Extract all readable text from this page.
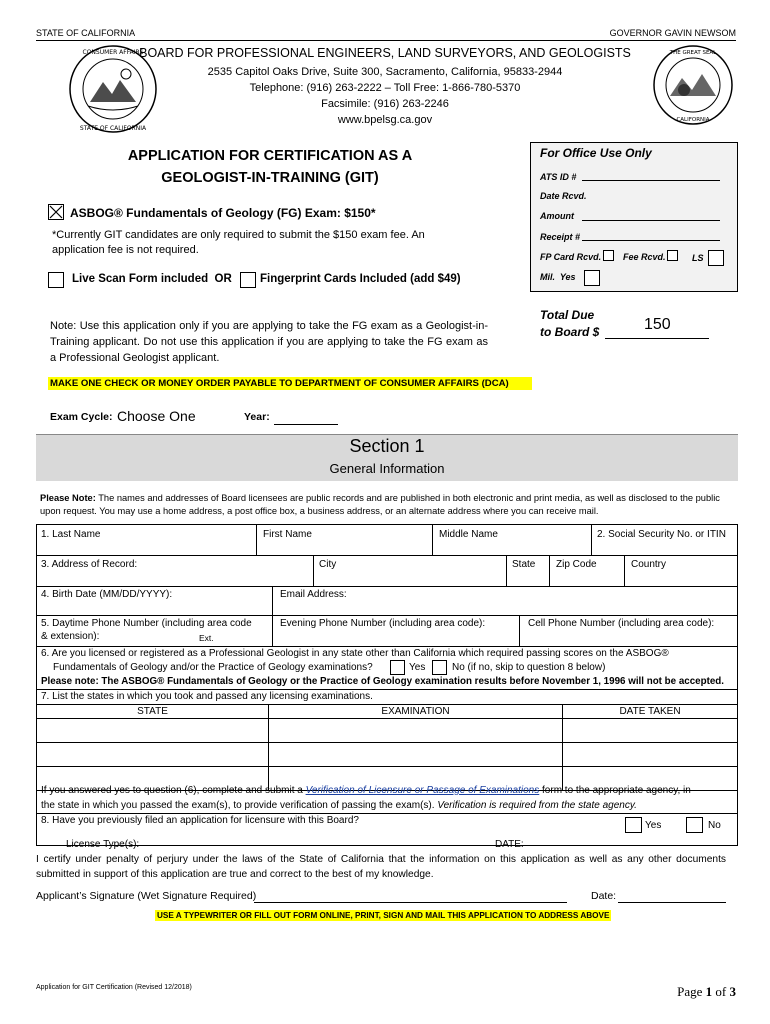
STATE OF CALIFORNIA	GOVERNOR GAVIN NEWSOM
CONSUMER AFFAIRS
STATE OF CALIFORNIA
THE GREAT SEAL
CALIFORNIA
BOARD FOR PROFESSIONAL ENGINEERS, LAND SURVEYORS, AND GEOLOGISTS
2535 Capitol Oaks Drive, Suite 300, Sacramento, California, 95833-2944
Telephone: (916) 263-2222 – Toll Free: 1-866-780-5370
Facsimile: (916) 263-2246
www.bpelsg.ca.gov
APPLICATION FOR CERTIFICATION AS A
GEOLOGIST-IN-TRAINING (GIT)
ASBOG® Fundamentals of Geology (FG) Exam: $150*
*Currently GIT candidates are only required to submit the $150 exam fee. An application fee is not required.
Live Scan Form included  OR Fingerprint Cards Included (add $49)
For Office Use Only
ATS ID #
Date Rcvd.
Amount
Receipt #
FP Card Rcvd. Fee Rcvd.	LS
Mil.  Yes
Total Due
to Board $	150
Note: Use this application only if you are applying to take the FG exam as a Geologist-in-Training applicant. Do not use this application if you are applying to take the FG exam as a Professional Geologist applicant.
MAKE ONE CHECK OR MONEY ORDER PAYABLE TO DEPARTMENT OF CONSUMER AFFAIRS (DCA)
Exam Cycle: Choose One	Year:
Section 1
General Information
Please Note: The names and addresses of Board licensees are public records and are published in both electronic and print media, as well as disclosed to the public upon request. You may use a home address, a post office box, a business address, or an alternate address where you can receive mail.
1. Last Name	First Name	Middle Name	2. Social Security No. or ITIN
3. Address of Record:	City	State Zip Code	Country
4. Birth Date (MM/DD/YYYY):	Email Address:
5. Daytime Phone Number (including area code
& extension):	Ext.
Evening Phone Number (including area code):	Cell Phone Number (including area code):
6. Are you licensed or registered as a Professional Geologist in any state other than California which required passing scores on the ASBOG®
Fundamentals of Geology and/or the Practice of Geology examinations?	Yes	No (if no, skip to question 8 below)
Please note: The ASBOG® Fundamentals of Geology or the Practice of Geology examination results before November 1, 1996 will not be accepted.
7. List the states in which you took and passed any licensing examinations.
STATE	EXAMINATION	DATE TAKEN

If you answered yes to question (6), complete and submit a Verification of Licensure or Passage of Examinations form to the appropriate agency, in
the state in which you passed the exam(s), to provide verification of passing the exam(s). Verification is required from the state agency.
8. Have you previously filed an application for licensure with this Board?	Yes	No
License Type(s):	DATE:
I certify under penalty of perjury under the laws of the State of California that the information on this application as well as any other documents submitted in support of this application are true and correct to the best of my knowledge.
Applicant’s Signature (Wet Signature Required)	Date:
USE A TYPEWRITER OR FILL OUT FORM ONLINE, PRINT, SIGN AND MAIL THIS APPLICATION TO ADDRESS ABOVE

Page 1 of 3

Application for GIT Certification (Revised 12/2018)
